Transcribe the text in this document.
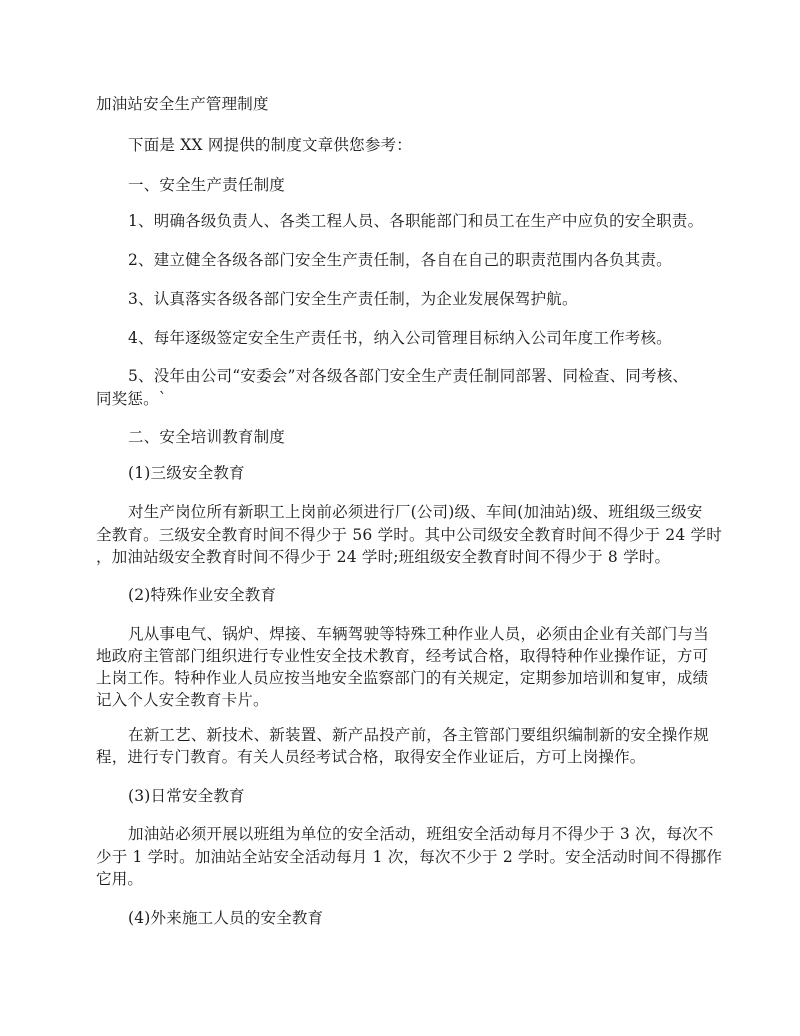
加油站安全生产管理制度
下面是 XX 网提供的制度文章供您参考：
一、安全生产责任制度
1、明确各级负责人、各类工程人员、各职能部门和员工在生产中应负的安全职责。
2、建立健全各级各部门安全生产责任制，各自在自己的职责范围内各负其责。
3、认真落实各级各部门安全生产责任制，为企业发展保驾护航。
4、每年逐级签定安全生产责任书，纳入公司管理目标纳入公司年度工作考核。
5、没年由公司“安委会”对各级各部门安全生产责任制同部署、同检查、同考核、
同奖惩。`
二、安全培训教育制度
(1)三级安全教育
对生产岗位所有新职工上岗前必须进行厂(公司)级、车间(加油站)级、班组级三级安
全教育。三级安全教育时间不得少于 56 学时。其中公司级安全教育时间不得少于 24 学时
，加油站级安全教育时间不得少于 24 学时;班组级安全教育时间不得少于 8 学时。
(2)特殊作业安全教育
凡从事电气、锅炉、焊接、车辆驾驶等特殊工种作业人员，必须由企业有关部门与当
地政府主管部门组织进行专业性安全技术教育，经考试合格，取得特种作业操作证，方可
上岗工作。特种作业人员应按当地安全监察部门的有关规定，定期参加培训和复审，成绩
记入个人安全教育卡片。
在新工艺、新技术、新装置、新产品投产前，各主管部门要组织编制新的安全操作规
程，进行专门教育。有关人员经考试合格，取得安全作业证后，方可上岗操作。
(3)日常安全教育
加油站必须开展以班组为单位的安全活动，班组安全活动每月不得少于 3 次，每次不
少于 1 学时。加油站全站安全活动每月 1 次，每次不少于 2 学时。安全活动时间不得挪作
它用。
(4)外来施工人员的安全教育
